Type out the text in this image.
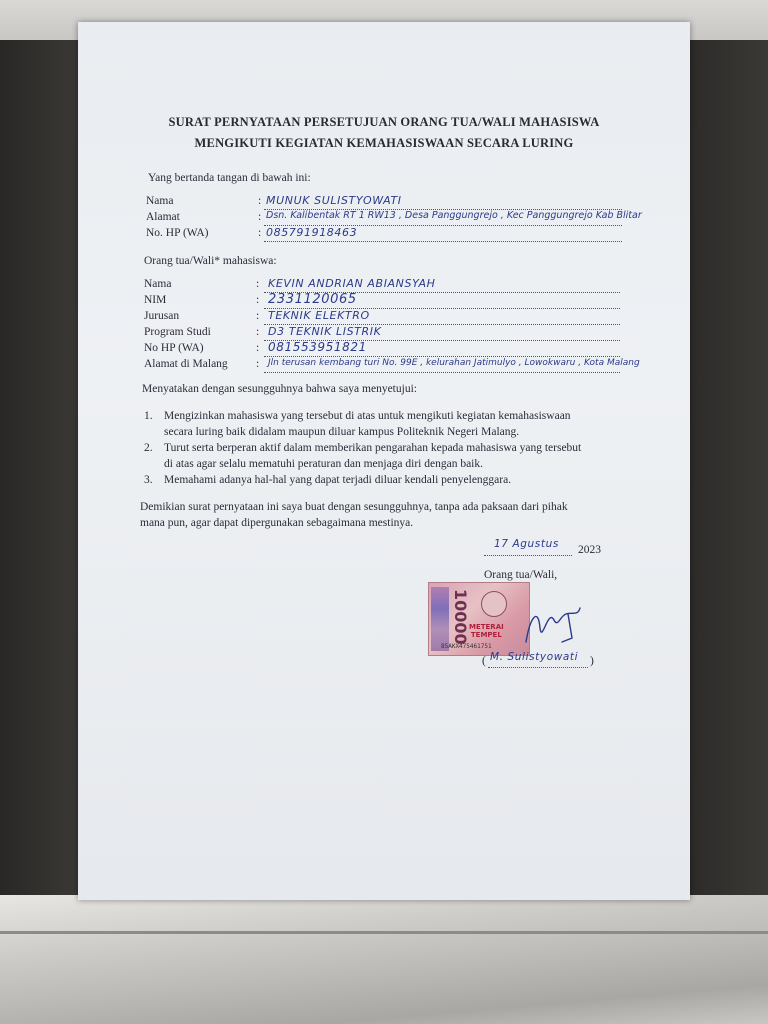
SURAT PERNYATAAN PERSETUJUAN ORANG TUA/WALI MAHASISWA
MENGIKUTI KEGIATAN KEMAHASISWAAN SECARA LURING
Yang bertanda tangan di bawah ini:
Nama	: MUNUK SULISTYOWATI
Alamat	: Dsn. Kalibentak RT 1 RW13 , Desa Panggungrejo , Kec Panggungrejo Kab Blitar
No. HP (WA)	: 085791918463
Orang tua/Wali* mahasiswa:
Nama	: KEVIN ANDRIAN ABIANSYAH
NIM	: 2331120065
Jurusan	: TEKNIK ELEKTRO
Program Studi	: D3 TEKNIK LISTRIK
No HP (WA)	: 081553951821
Alamat di Malang : Jln terusan kembang turi No. 99E , kelurahan Jatimulyo , Lowokwaru , Kota Malang
Menyatakan dengan sesungguhnya bahwa saya menyetujui:
1. Mengizinkan mahasiswa yang tersebut di atas untuk mengikuti kegiatan kemahasiswaan
secara luring baik didalam maupun diluar kampus Politeknik Negeri Malang.
2. Turut serta berperan aktif dalam memberikan pengarahan kepada mahasiswa yang tersebut
di atas agar selalu mematuhi peraturan dan menjaga diri dengan baik.
3. Memahami adanya hal-hal yang dapat terjadi diluar kendali penyelenggara.
Demikian surat pernyataan ini saya buat dengan sesungguhnya, tanpa ada paksaan dari pihak
mana pun, agar dapat dipergunakan sebagaimana mestinya.
17 Agustus 2023
Orang tua/Wali,
10000 METERAI
TEMPEL
85AKX475461751
( M. Sulistyowati )
